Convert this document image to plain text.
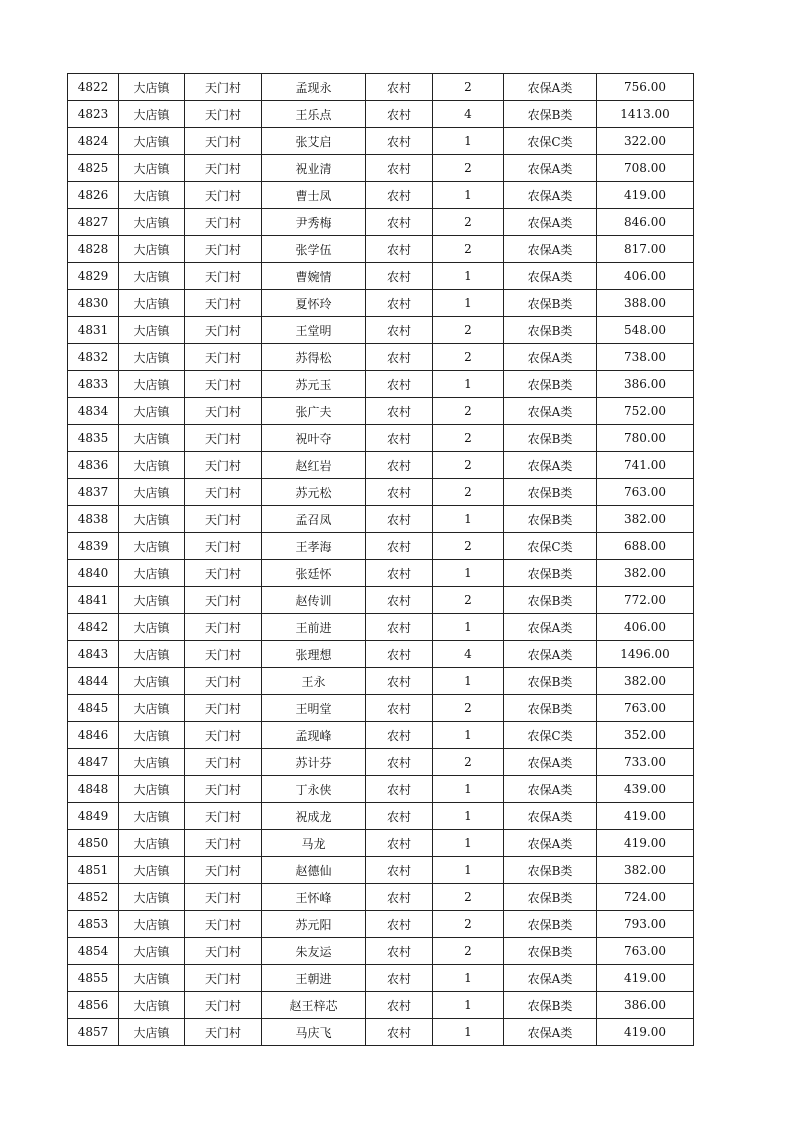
4822	大店镇	天门村	孟现永	农村	2	农保A类	756.00
4823	大店镇	天门村	王乐点	农村	4	农保B类	1413.00
4824	大店镇	天门村	张艾启	农村	1	农保C类	322.00
4825	大店镇	天门村	祝业清	农村	2	农保A类	708.00
4826	大店镇	天门村	曹士凤	农村	1	农保A类	419.00
4827	大店镇	天门村	尹秀梅	农村	2	农保A类	846.00
4828	大店镇	天门村	张学伍	农村	2	农保A类	817.00
4829	大店镇	天门村	曹婉情	农村	1	农保A类	406.00
4830	大店镇	天门村	夏怀玲	农村	1	农保B类	388.00
4831	大店镇	天门村	王堂明	农村	2	农保B类	548.00
4832	大店镇	天门村	苏得松	农村	2	农保A类	738.00
4833	大店镇	天门村	苏元玉	农村	1	农保B类	386.00
4834	大店镇	天门村	张广夫	农村	2	农保A类	752.00
4835	大店镇	天门村	祝叶夺	农村	2	农保B类	780.00
4836	大店镇	天门村	赵红岩	农村	2	农保A类	741.00
4837	大店镇	天门村	苏元松	农村	2	农保B类	763.00
4838	大店镇	天门村	孟召凤	农村	1	农保B类	382.00
4839	大店镇	天门村	王孝海	农村	2	农保C类	688.00
4840	大店镇	天门村	张廷怀	农村	1	农保B类	382.00
4841	大店镇	天门村	赵传训	农村	2	农保B类	772.00
4842	大店镇	天门村	王前进	农村	1	农保A类	406.00
4843	大店镇	天门村	张理想	农村	4	农保A类	1496.00
4844	大店镇	天门村	王永	农村	1	农保B类	382.00
4845	大店镇	天门村	王明堂	农村	2	农保B类	763.00
4846	大店镇	天门村	孟现峰	农村	1	农保C类	352.00
4847	大店镇	天门村	苏计芬	农村	2	农保A类	733.00
4848	大店镇	天门村	丁永侠	农村	1	农保A类	439.00
4849	大店镇	天门村	祝成龙	农村	1	农保A类	419.00
4850	大店镇	天门村	马龙	农村	1	农保A类	419.00
4851	大店镇	天门村	赵德仙	农村	1	农保B类	382.00
4852	大店镇	天门村	王怀峰	农村	2	农保B类	724.00
4853	大店镇	天门村	苏元阳	农村	2	农保B类	793.00
4854	大店镇	天门村	朱友运	农村	2	农保B类	763.00
4855	大店镇	天门村	王朝进	农村	1	农保A类	419.00
4856	大店镇	天门村	赵王梓芯	农村	1	农保B类	386.00
4857	大店镇	天门村	马庆飞	农村	1	农保A类	419.00
